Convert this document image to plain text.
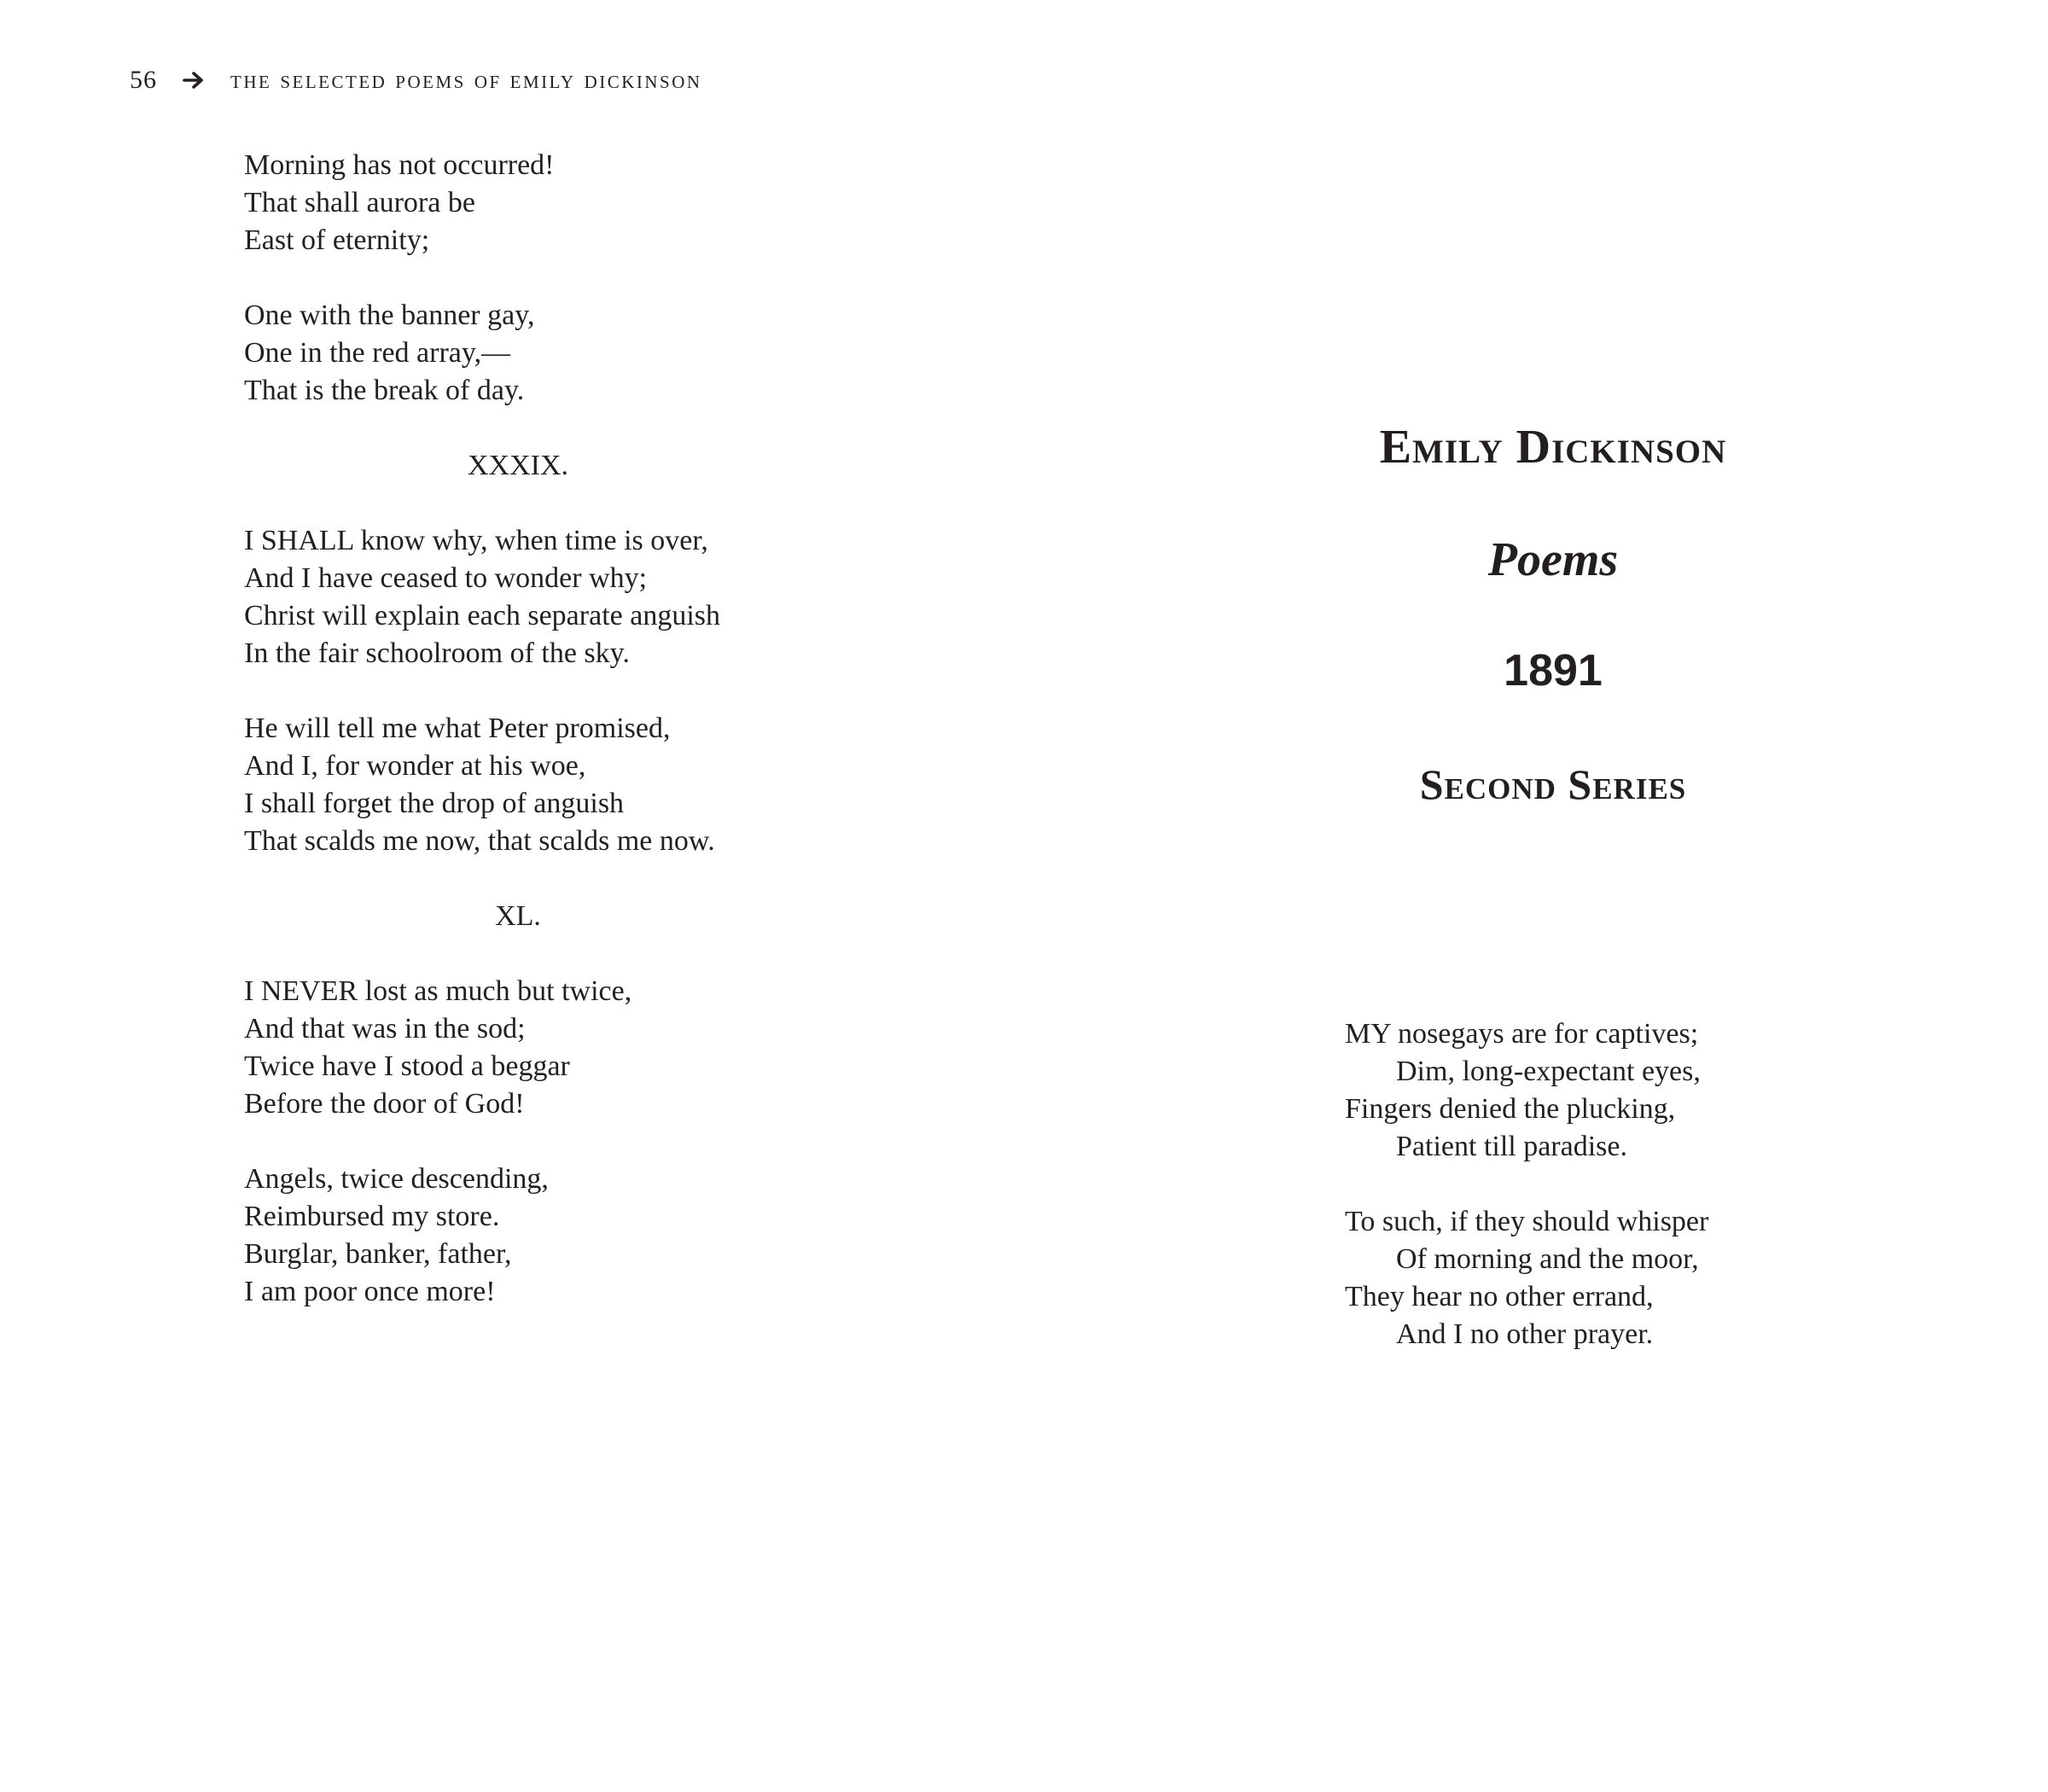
56	the selected poems of emily dickinson
Morning has not occurred!
That shall aurora be
East of eternity;
One with the banner gay,
One in the red array,—
That is the break of day.
XXXIX.
I SHALL know why, when time is over,
And I have ceased to wonder why;
Christ will explain each separate anguish
In the fair schoolroom of the sky.
He will tell me what Peter promised,
And I, for wonder at his woe,
I shall forget the drop of anguish
That scalds me now, that scalds me now.
XL.
I NEVER lost as much but twice,
And that was in the sod;
Twice have I stood a beggar
Before the door of God!
Angels, twice descending,
Reimbursed my store.
Burglar, banker, father,
I am poor once more!
Emily Dickinson
Poems
1891
Second Series
MY nosegays are for captives;
Dim, long-expectant eyes,
Fingers denied the plucking,
Patient till paradise.
To such, if they should whisper
Of morning and the moor,
They hear no other errand,
And I no other prayer.
